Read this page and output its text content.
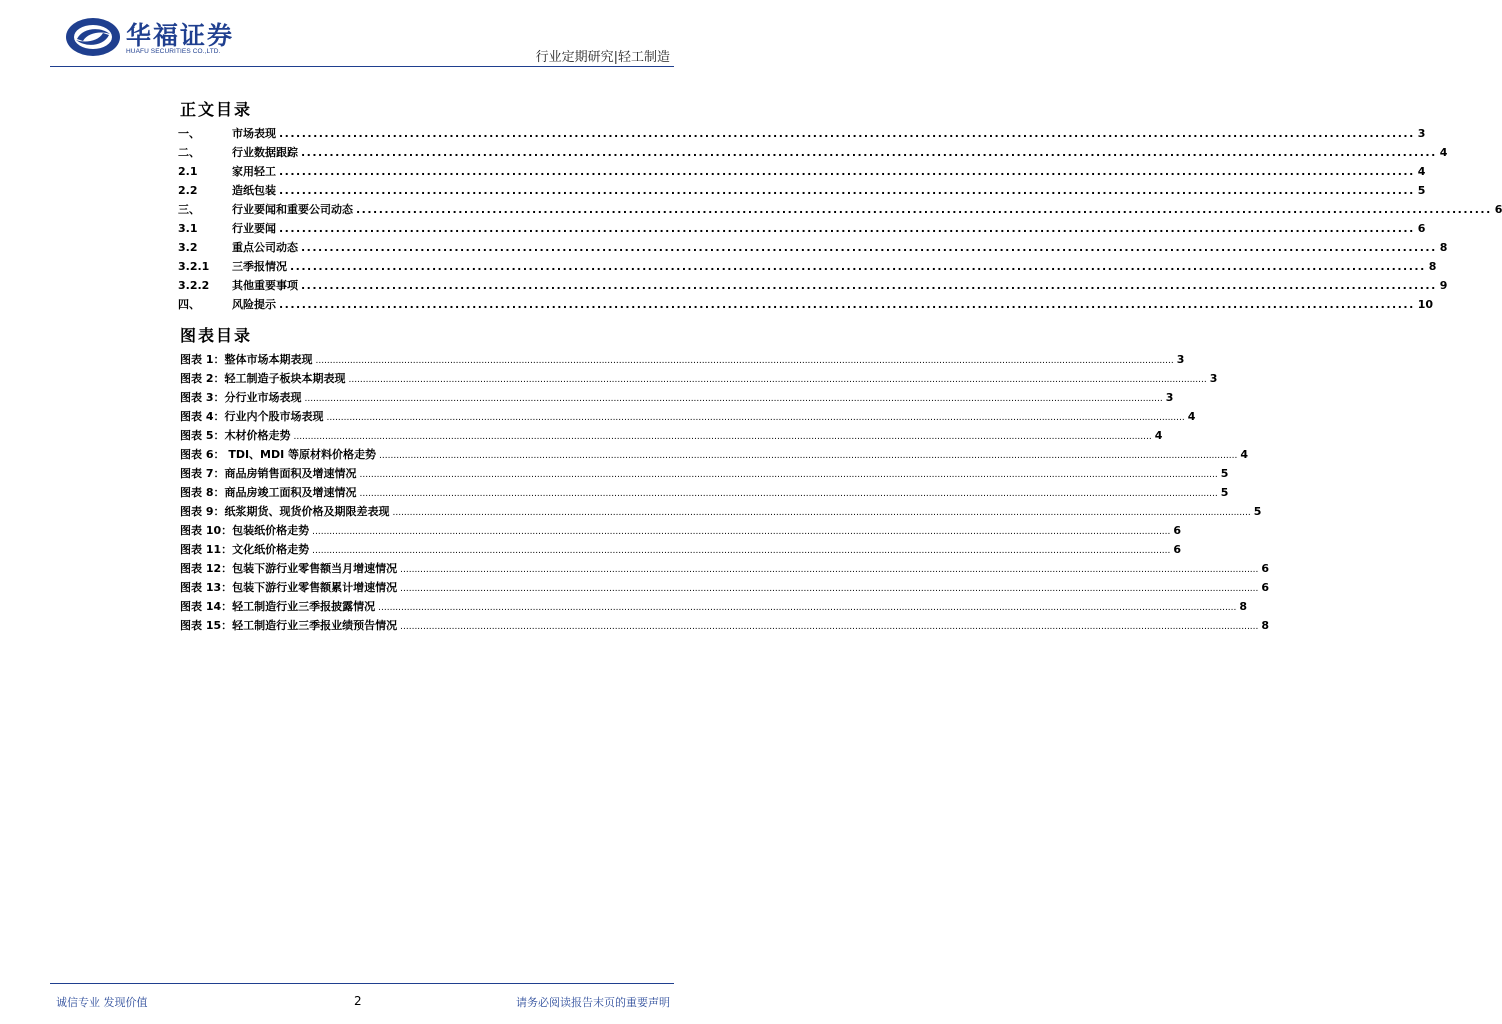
华福证券
HUAFU SECURITIES CO.,LTD.	行业定期研究|轻工制造
正文目录
一、	市场表现 ........................................................................................................................................................................................................ 3
二、	行业数据跟踪 ........................................................................................................................................................................................................ 4
2.1	家用轻工 ........................................................................................................................................................................................................ 4
2.2	造纸包装 ........................................................................................................................................................................................................ 5
三、	行业要闻和重要公司动态 ........................................................................................................................................................................................................ 6
3.1	行业要闻 ........................................................................................................................................................................................................ 6
3.2	重点公司动态 ........................................................................................................................................................................................................ 8
3.2.1	三季报情况 ........................................................................................................................................................................................................ 8
3.2.2	其他重要事项 ........................................................................................................................................................................................................ 9
四、	风险提示 ........................................................................................................................................................................................................ 10
图表目录
图表 1：整体市场本期表现 ............................................................................................................................................................................................................................................................................................................ 3
图表 2：轻工制造子板块本期表现 ............................................................................................................................................................................................................................................................................................................ 3
图表 3：分行业市场表现 ............................................................................................................................................................................................................................................................................................................ 3
图表 4：行业内个股市场表现 ............................................................................................................................................................................................................................................................................................................ 4
图表 5：木材价格走势 ............................................................................................................................................................................................................................................................................................................ 4
图表 6： TDI、MDI 等原材料价格走势 ............................................................................................................................................................................................................................................................................................................ 4
图表 7：商品房销售面积及增速情况 ............................................................................................................................................................................................................................................................................................................ 5
图表 8：商品房竣工面积及增速情况 ............................................................................................................................................................................................................................................................................................................ 5
图表 9：纸浆期货、现货价格及期限差表现 ............................................................................................................................................................................................................................................................................................................ 5
图表 10：包装纸价格走势 ............................................................................................................................................................................................................................................................................................................ 6
图表 11：文化纸价格走势 ............................................................................................................................................................................................................................................................................................................ 6
图表 12：包装下游行业零售额当月增速情况 ............................................................................................................................................................................................................................................................................................................ 6
图表 13：包装下游行业零售额累计增速情况 ............................................................................................................................................................................................................................................................................................................ 6
图表 14：轻工制造行业三季报披露情况 ............................................................................................................................................................................................................................................................................................................ 8
图表 15：轻工制造行业三季报业绩预告情况 ............................................................................................................................................................................................................................................................................................................ 8
诚信专业 发现价值	2	请务必阅读报告末页的重要声明
